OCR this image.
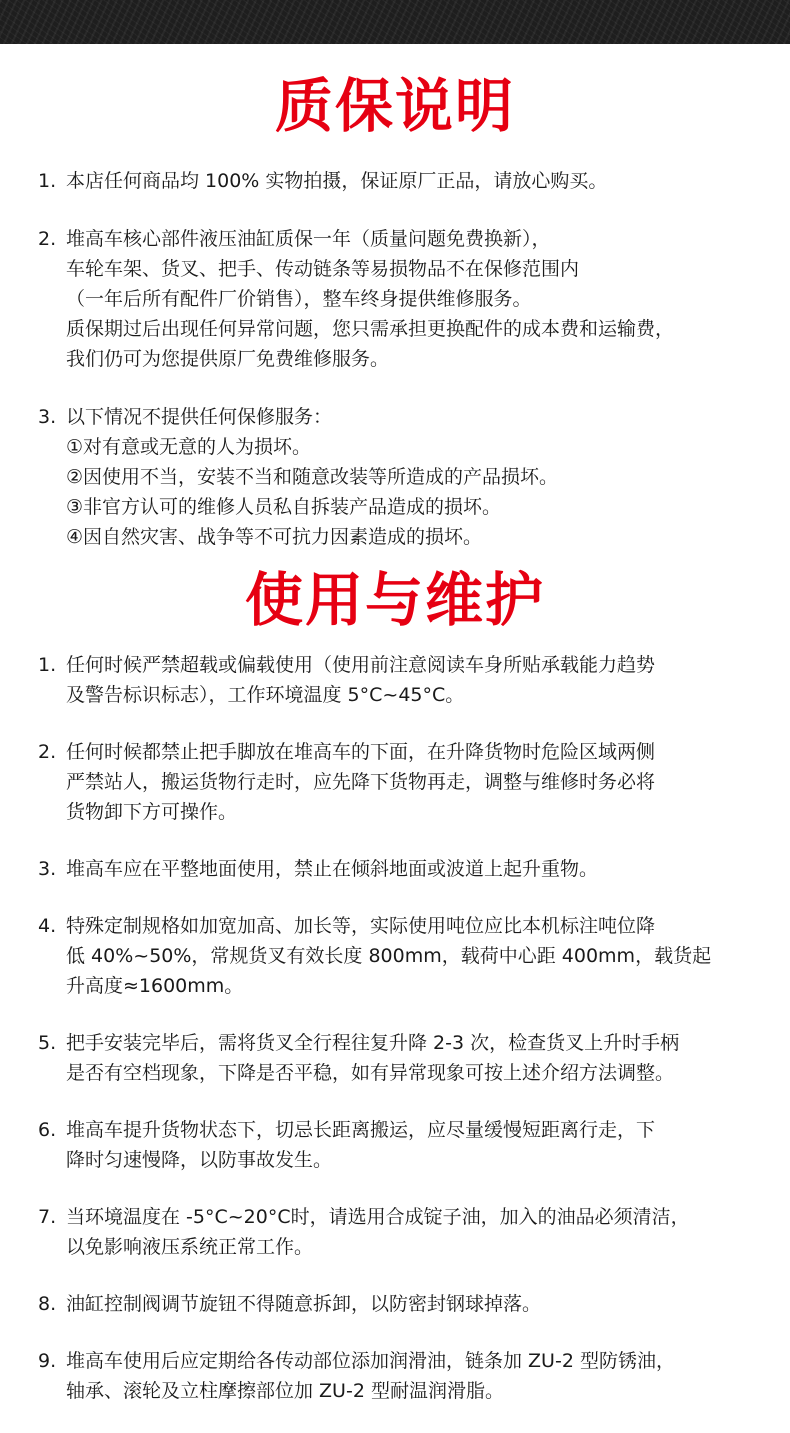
质保说明
1. 本店任何商品均 100% 实物拍摄，保证原厂正品，请放心购买。
2. 堆高车核心部件液压油缸质保一年（质量问题免费换新），
车轮车架、货叉、把手、传动链条等易损物品不在保修范围内
（一年后所有配件厂价销售），整车终身提供维修服务。
质保期过后出现任何异常问题，您只需承担更换配件的成本费和运输费，
我们仍可为您提供原厂免费维修服务。
3. 以下情况不提供任何保修服务：
①对有意或无意的人为损坏。
②因使用不当，安装不当和随意改装等所造成的产品损坏。
③非官方认可的维修人员私自拆装产品造成的损坏。
④因自然灾害、战争等不可抗力因素造成的损坏。
使用与维护
1. 任何时候严禁超载或偏载使用（使用前注意阅读车身所贴承载能力趋势
及警告标识标志），工作环境温度 5°C~45°C。
2. 任何时候都禁止把手脚放在堆高车的下面，在升降货物时危险区域两侧
严禁站人，搬运货物行走时，应先降下货物再走，调整与维修时务必将
货物卸下方可操作。
3. 堆高车应在平整地面使用，禁止在倾斜地面或波道上起升重物。
4. 特殊定制规格如加宽加高、加长等，实际使用吨位应比本机标注吨位降
低 40%~50%，常规货叉有效长度 800mm，载荷中心距 400mm，载货起
升高度≈1600mm。
5. 把手安装完毕后，需将货叉全行程往复升降 2-3 次，检查货叉上升时手柄
是否有空档现象，下降是否平稳，如有异常现象可按上述介绍方法调整。
6. 堆高车提升货物状态下，切忌长距离搬运，应尽量缓慢短距离行走，下
降时匀速慢降，以防事故发生。
7. 当环境温度在 -5°C~20°C时，请选用合成锭子油，加入的油品必须清洁，
以免影响液压系统正常工作。
8. 油缸控制阀调节旋钮不得随意拆卸，以防密封钢球掉落。
9. 堆高车使用后应定期给各传动部位添加润滑油，链条加 ZU-2 型防锈油，
轴承、滚轮及立柱摩擦部位加 ZU-2 型耐温润滑脂。
